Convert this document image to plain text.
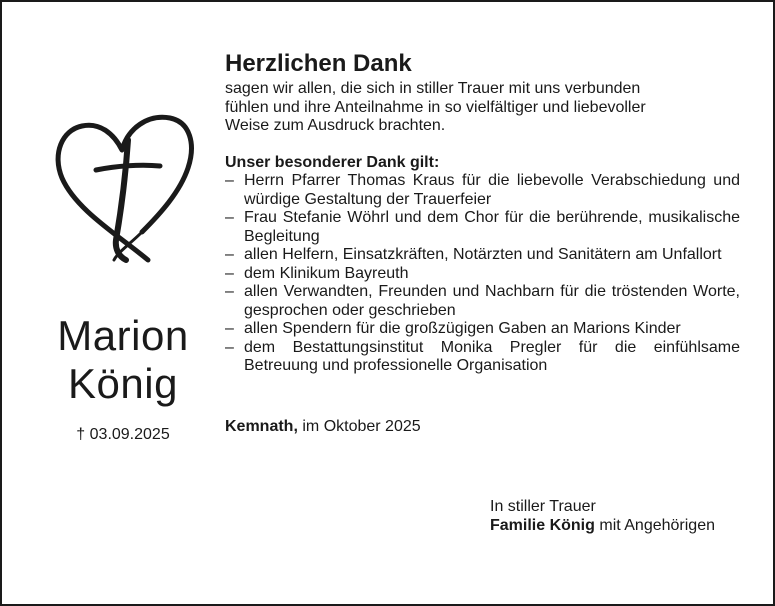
Marion

König

† 03.09.2025
Herzlichen Dank
sagen wir allen, die sich in stiller Trauer mit uns verbunden
fühlen und ihre Anteilnahme in so vielfältiger und liebevoller
Weise zum Ausdruck brachten.
Unser besonderer Dank gilt:
– Herrn Pfarrer Thomas Kraus für die liebevolle Verabschiedung und würdige Gestaltung der Trauerfeier
– Frau Stefanie Wöhrl und dem Chor für die berührende, musikalische Begleitung
– allen Helfern, Einsatzkräften, Notärzten und Sanitätern am Unfallort
– dem Klinikum Bayreuth
– allen Verwandten, Freunden und Nachbarn für die tröstenden Worte, gesprochen oder geschrieben
– allen Spendern für die großzügigen Gaben an Marions Kinder
– dem Bestattungsinstitut Monika Pregler für die einfühlsame Betreuung und professionelle Organisation
Kemnath, im Oktober 2025
In stiller Trauer
Familie König mit Angehörigen
